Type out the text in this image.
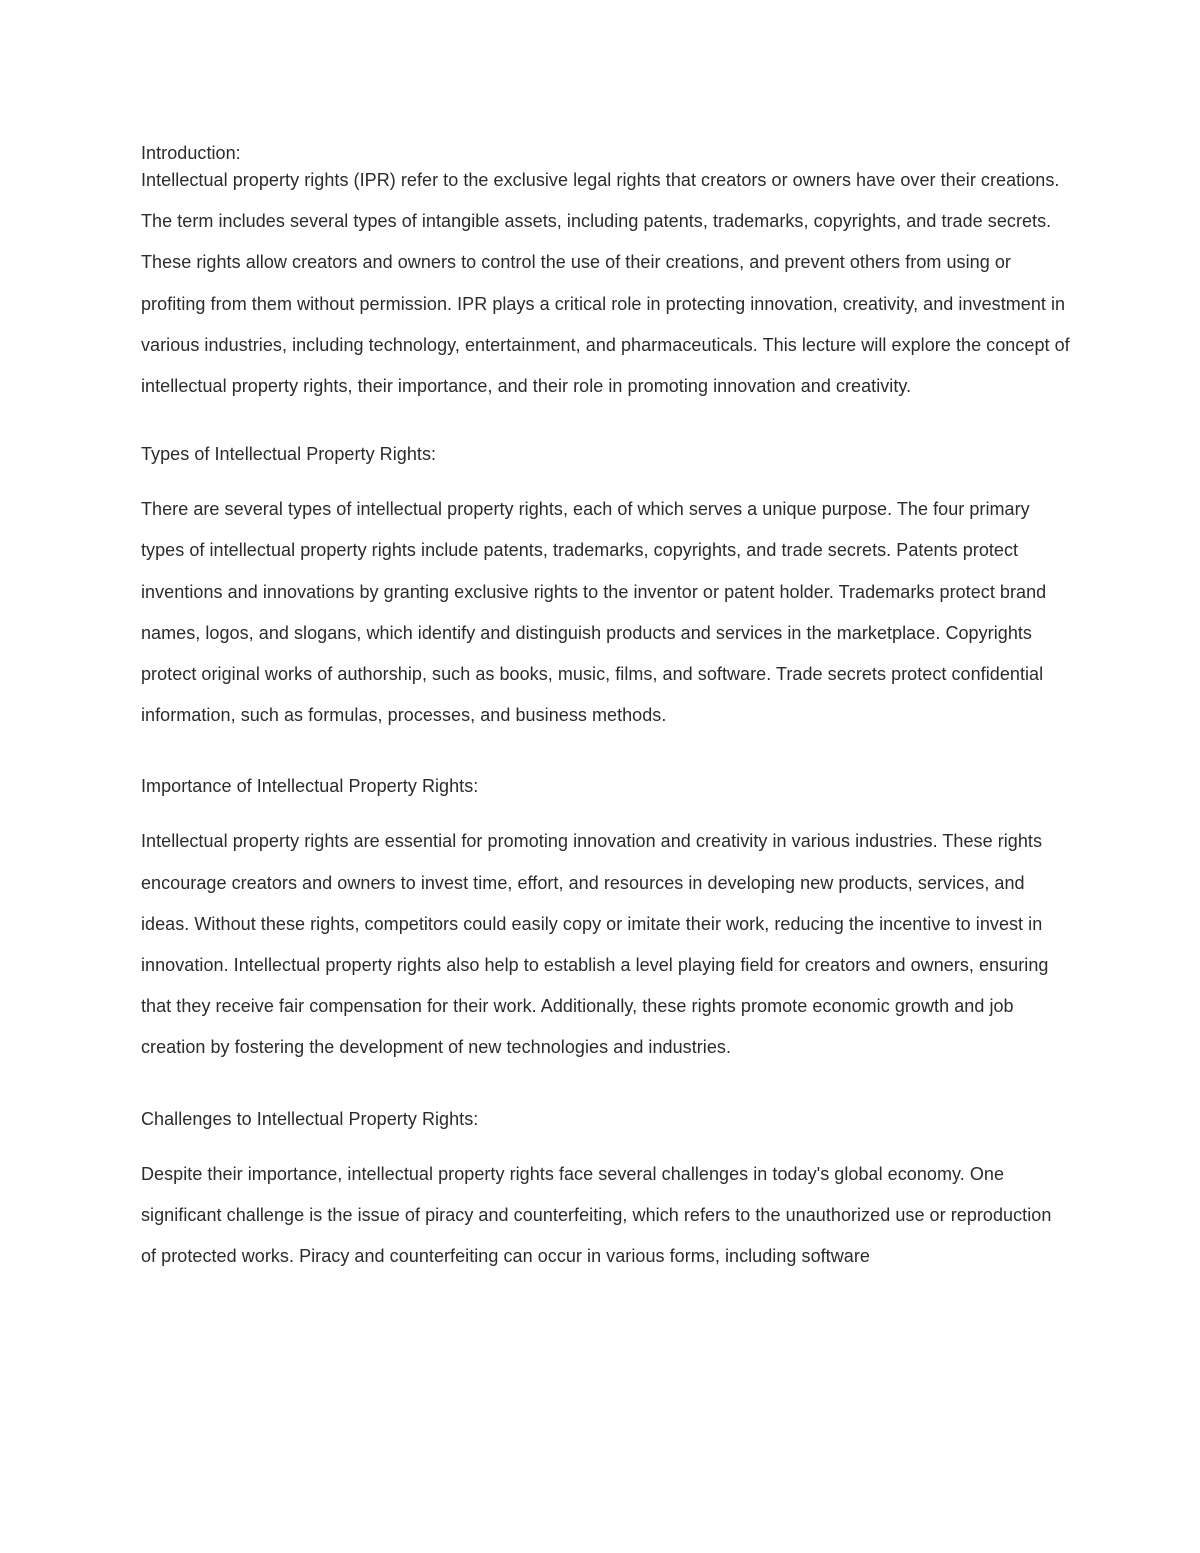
Introduction:

Intellectual property rights (IPR) refer to the exclusive legal rights that creators or owners have over their creations. The term includes several types of intangible assets, including patents, trademarks, copyrights, and trade secrets. These rights allow creators and owners to control the use of their creations, and prevent others from using or profiting from them without permission. IPR plays a critical role in protecting innovation, creativity, and investment in various industries, including technology, entertainment, and pharmaceuticals. This lecture will explore the concept of intellectual property rights, their importance, and their role in promoting innovation and creativity.

Types of Intellectual Property Rights:

There are several types of intellectual property rights, each of which serves a unique purpose. The four primary types of intellectual property rights include patents, trademarks, copyrights, and trade secrets. Patents protect inventions and innovations by granting exclusive rights to the inventor or patent holder. Trademarks protect brand names, logos, and slogans, which identify and distinguish products and services in the marketplace. Copyrights protect original works of authorship, such as books, music, films, and software. Trade secrets protect confidential information, such as formulas, processes, and business methods.

Importance of Intellectual Property Rights:

Intellectual property rights are essential for promoting innovation and creativity in various industries. These rights encourage creators and owners to invest time, effort, and resources in developing new products, services, and ideas. Without these rights, competitors could easily copy or imitate their work, reducing the incentive to invest in innovation. Intellectual property rights also help to establish a level playing field for creators and owners, ensuring that they receive fair compensation for their work. Additionally, these rights promote economic growth and job creation by fostering the development of new technologies and industries.

Challenges to Intellectual Property Rights:

Despite their importance, intellectual property rights face several challenges in today's global economy. One significant challenge is the issue of piracy and counterfeiting, which refers to the unauthorized use or reproduction of protected works. Piracy and counterfeiting can occur in various forms, including software
